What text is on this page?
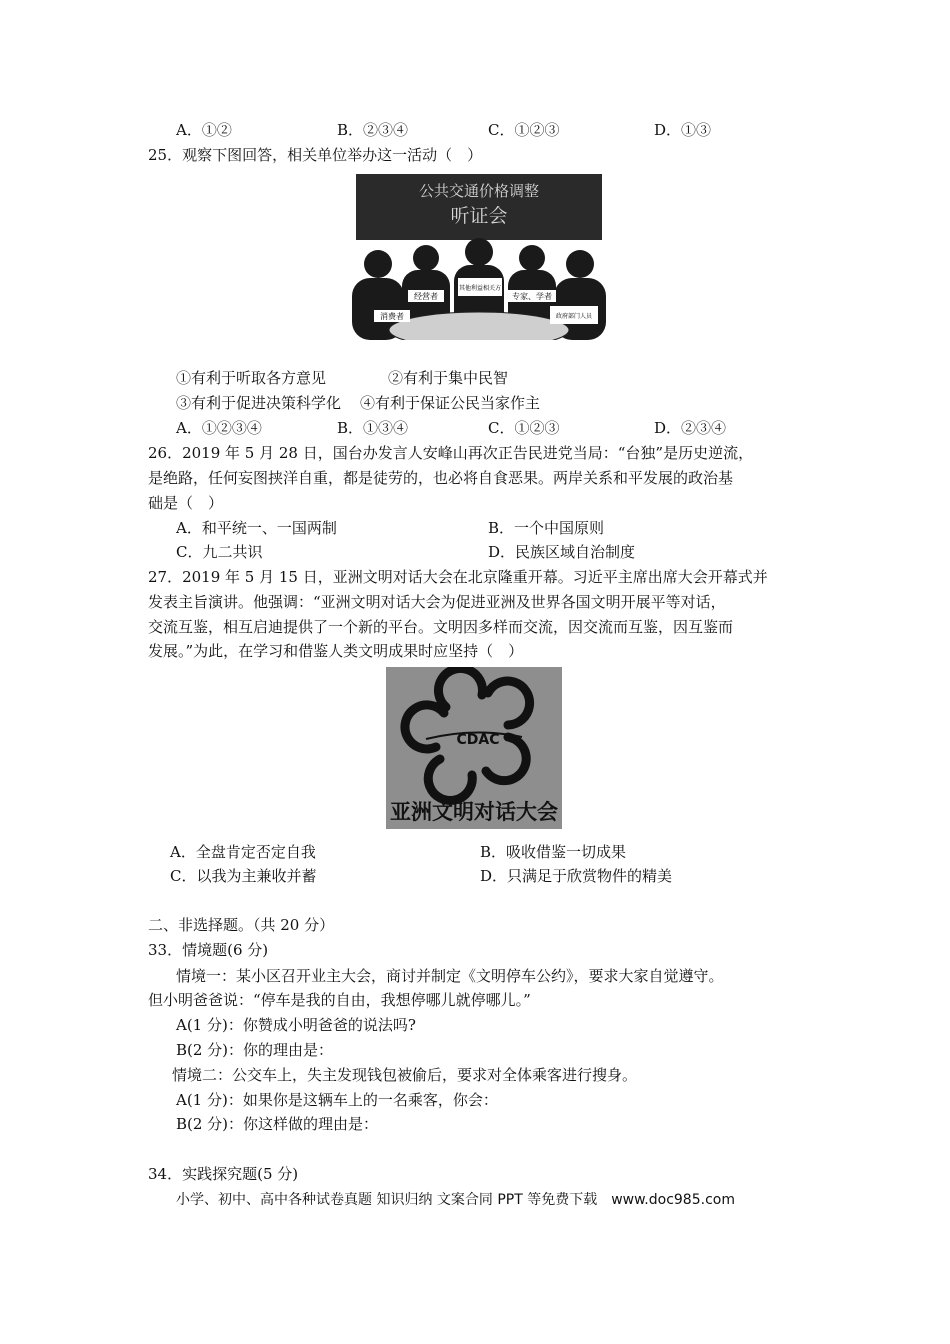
A．①②	B．②③④	C．①②③	D．①③
25．观察下图回答，相关单位举办这一活动（　）
公共交通价格调整
听证会
经营者
其他利益相关方
专家、学者
消费者	政府部门人员
①有利于听取各方意见	②有利于集中民智
③有利于促进决策科学化 ④有利于保证公民当家作主
A．①②③④	B．①③④	C．①②③	D．②③④
26．2019 年 5 月 28 日，国台办发言人安峰山再次正告民进党当局：“台独”是历史逆流，
是绝路，任何妄图挟洋自重，都是徒劳的，也必将自食恶果。两岸关系和平发展的政治基
础是（　）
A．和平统一、一国两制	B．一个中国原则
C．九二共识	D．民族区域自治制度
27．2019 年 5 月 15 日，亚洲文明对话大会在北京隆重开幕。习近平主席出席大会开幕式并
发表主旨演讲。他强调：“亚洲文明对话大会为促进亚洲及世界各国文明开展平等对话，
交流互鉴，相互启迪提供了一个新的平台。文明因多样而交流，因交流而互鉴，因互鉴而
发展。”为此，在学习和借鉴人类文明成果时应坚持（　）
CDAC
亚洲文明对话大会
A．全盘肯定否定自我	B．吸收借鉴一切成果
C．以我为主兼收并蓄	D．只满足于欣赏物件的精美
二、非选择题。（共 20 分）
33．情境题(6 分)
情境一：某小区召开业主大会，商讨并制定《文明停车公约》，要求大家自觉遵守。
但小明爸爸说：“停车是我的自由，我想停哪儿就停哪儿。”
A(1 分)：你赞成小明爸爸的说法吗?
B(2 分)：你的理由是：
情境二：公交车上，失主发现钱包被偷后，要求对全体乘客进行搜身。
A(1 分)：如果你是这辆车上的一名乘客，你会：
B(2 分)：你这样做的理由是：
34．实践探究题(5 分)
小学、初中、高中各种试卷真题 知识归纳 文案合同 PPT 等免费下载　www.doc985.com
